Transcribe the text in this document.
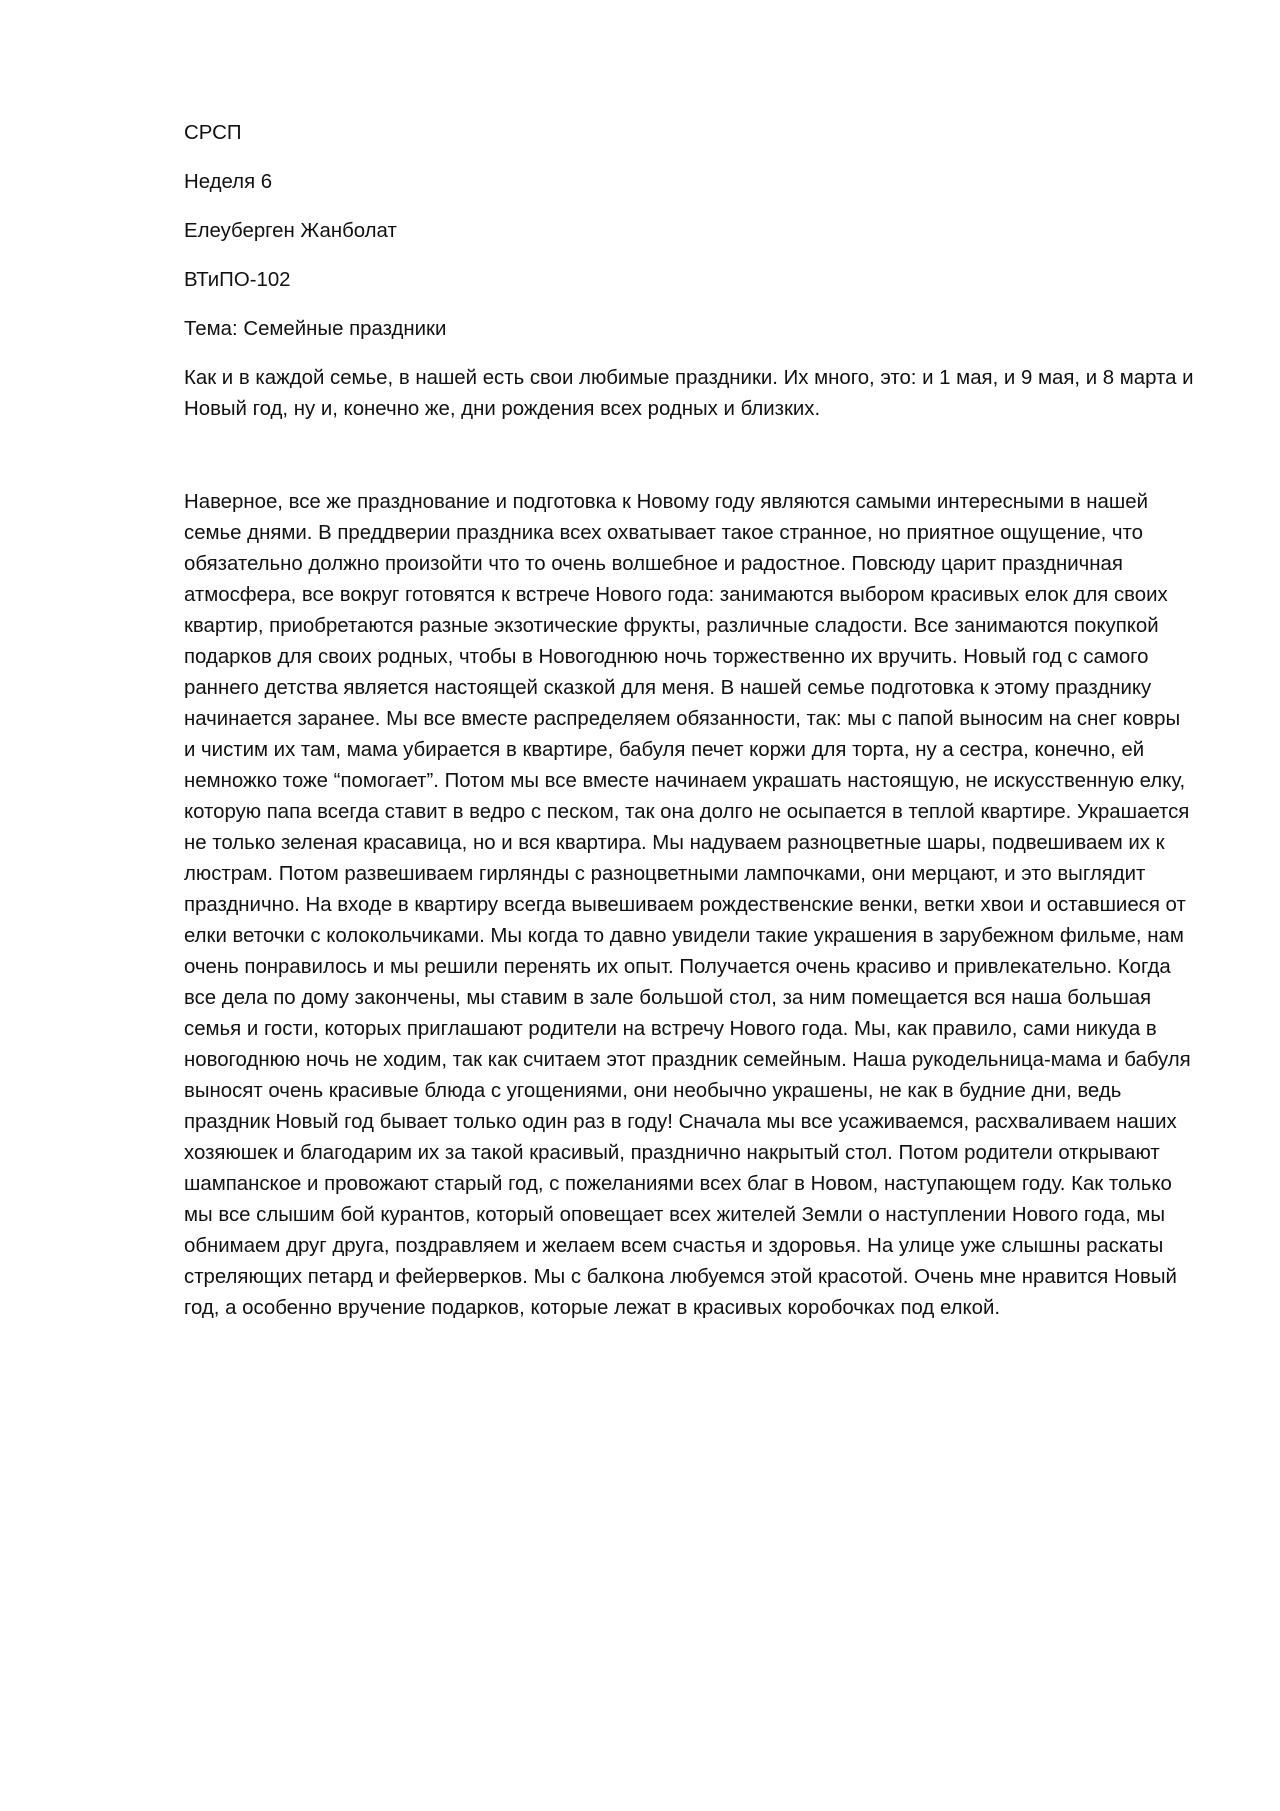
СРСП

Неделя 6

Елеуберген Жанболат

ВТиПО-102

Тема: Семейные праздники

Как и в каждой семье, в нашей есть свои любимые праздники. Их много, это: и 1 мая, и 9 мая, и 8 марта и Новый год, ну и, конечно же, дни рождения всех родных и близких.

Наверное, все же празднование и подготовка к Новому году являются самыми интересными в нашей семье днями. В преддверии праздника всех охватывает такое странное, но приятное ощущение, что обязательно должно произойти что то очень волшебное и радостное. Повсюду царит праздничная атмосфера, все вокруг готовятся к встрече Нового года: занимаются выбором красивых елок для своих квартир, приобретаются разные экзотические фрукты, различные сладости. Все занимаются покупкой подарков для своих родных, чтобы в Новогоднюю ночь торжественно их вручить. Новый год с самого раннего детства является настоящей сказкой для меня. В нашей семье подготовка к этому празднику начинается заранее. Мы все вместе распределяем обязанности, так: мы с папой выносим на снег ковры и чистим их там, мама убирается в квартире, бабуля печет коржи для торта, ну а сестра, конечно, ей немножко тоже “помогает”. Потом мы все вместе начинаем украшать настоящую, не искусственную елку, которую папа всегда ставит в ведро с песком, так она долго не осыпается в теплой квартире. Украшается не только зеленая красавица, но и вся квартира. Мы надуваем разноцветные шары, подвешиваем их к люстрам. Потом развешиваем гирлянды с разноцветными лампочками, они мерцают, и это выглядит празднично. На входе в квартиру всегда вывешиваем рождественские венки, ветки хвои и оставшиеся от елки веточки с колокольчиками. Мы когда то давно увидели такие украшения в зарубежном фильме, нам очень понравилось и мы решили перенять их опыт. Получается очень красиво и привлекательно. Когда все дела по дому закончены, мы ставим в зале большой стол, за ним помещается вся наша большая семья и гости, которых приглашают родители на встречу Нового года. Мы, как правило, сами никуда в новогоднюю ночь не ходим, так как считаем этот праздник семейным. Наша рукодельница-мама и бабуля выносят очень красивые блюда с угощениями, они необычно украшены, не как в будние дни, ведь праздник Новый год бывает только один раз в году! Сначала мы все усаживаемся, расхваливаем наших хозяюшек и благодарим их за такой красивый, празднично накрытый стол. Потом родители открывают шампанское и провожают старый год, с пожеланиями всех благ в Новом, наступающем году. Как только мы все слышим бой курантов, который оповещает всех жителей Земли о наступлении Нового года, мы обнимаем друг друга, поздравляем и желаем всем счастья и здоровья. На улице уже слышны раскаты стреляющих петард и фейерверков. Мы с балкона любуемся этой красотой. Очень мне нравится Новый год, а особенно вручение подарков, которые лежат в красивых коробочках под елкой.
